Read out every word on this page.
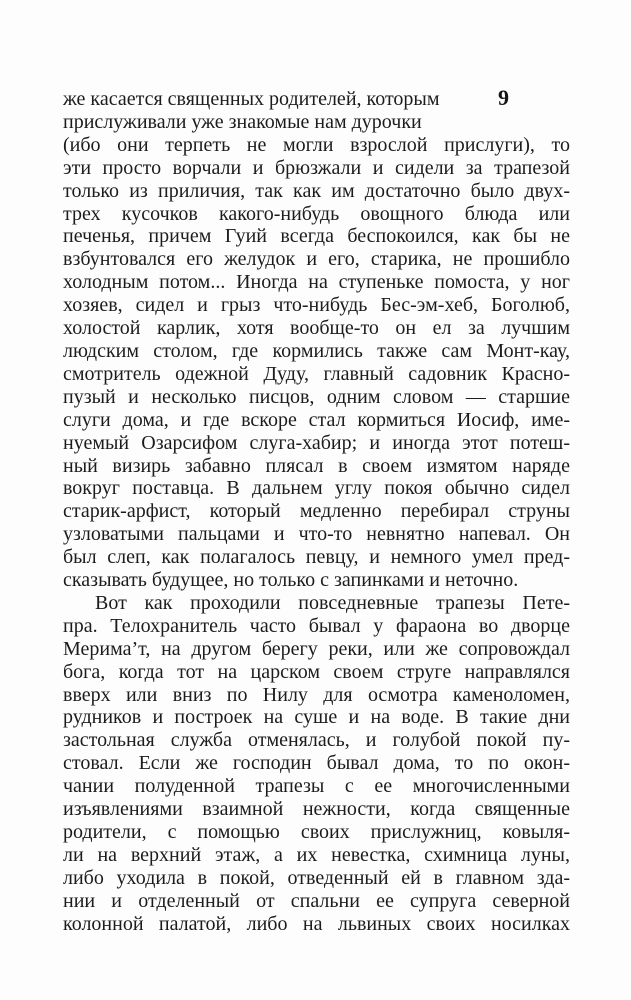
9
же касается священных родителей, которым
прислуживали уже знакомые нам дурочки
(ибо они терпеть не могли взрослой прислуги), то
эти просто ворчали и брюзжали и сидели за трапезой
только из приличия, так как им достаточно было двух-
трех кусочков какого-нибудь овощного блюда или
печенья, причем Гуий всегда беспокоился, как бы не
взбунтовался его желудок и его, старика, не прошибло
холодным потом... Иногда на ступеньке помоста, у ног
хозяев, сидел и грыз что-нибудь Бес-эм-хеб, Боголюб,
холостой карлик, хотя вообще-то он ел за лучшим
людским столом, где кормились также сам Монт-кау,
смотритель одежной Дуду, главный садовник Красно-
пузый и несколько писцов, одним словом — старшие
слуги дома, и где вскоре стал кормиться Иосиф, име-
нуемый Озарсифом слуга-хабир; и иногда этот потеш-
ный визирь забавно плясал в своем измятом наряде
вокруг поставца. В дальнем углу покоя обычно сидел
старик-арфист, который медленно перебирал струны
узловатыми пальцами и что-то невнятно напевал. Он
был слеп, как полагалось певцу, и немного умел пред-
сказывать будущее, но только с запинками и неточно.
Вот как проходили повседневные трапезы Пете-
пра. Телохранитель часто бывал у фараона во дворце
Мерима’т, на другом берегу реки, или же сопровождал
бога, когда тот на царском своем струге направлялся
вверх или вниз по Нилу для осмотра каменоломен,
рудников и построек на суше и на воде. В такие дни
застольная служба отменялась, и голубой покой пу-
стовал. Если же господин бывал дома, то по окон-
чании полуденной трапезы с ее многочисленными
изъявлениями взаимной нежности, когда священные
родители, с помощью своих прислужниц, ковыля-
ли на верхний этаж, а их невестка, схимница луны,
либо уходила в покой, отведенный ей в главном зда-
нии и отделенный от спальни ее супруга северной
колонной палатой, либо на львиных своих носилках
